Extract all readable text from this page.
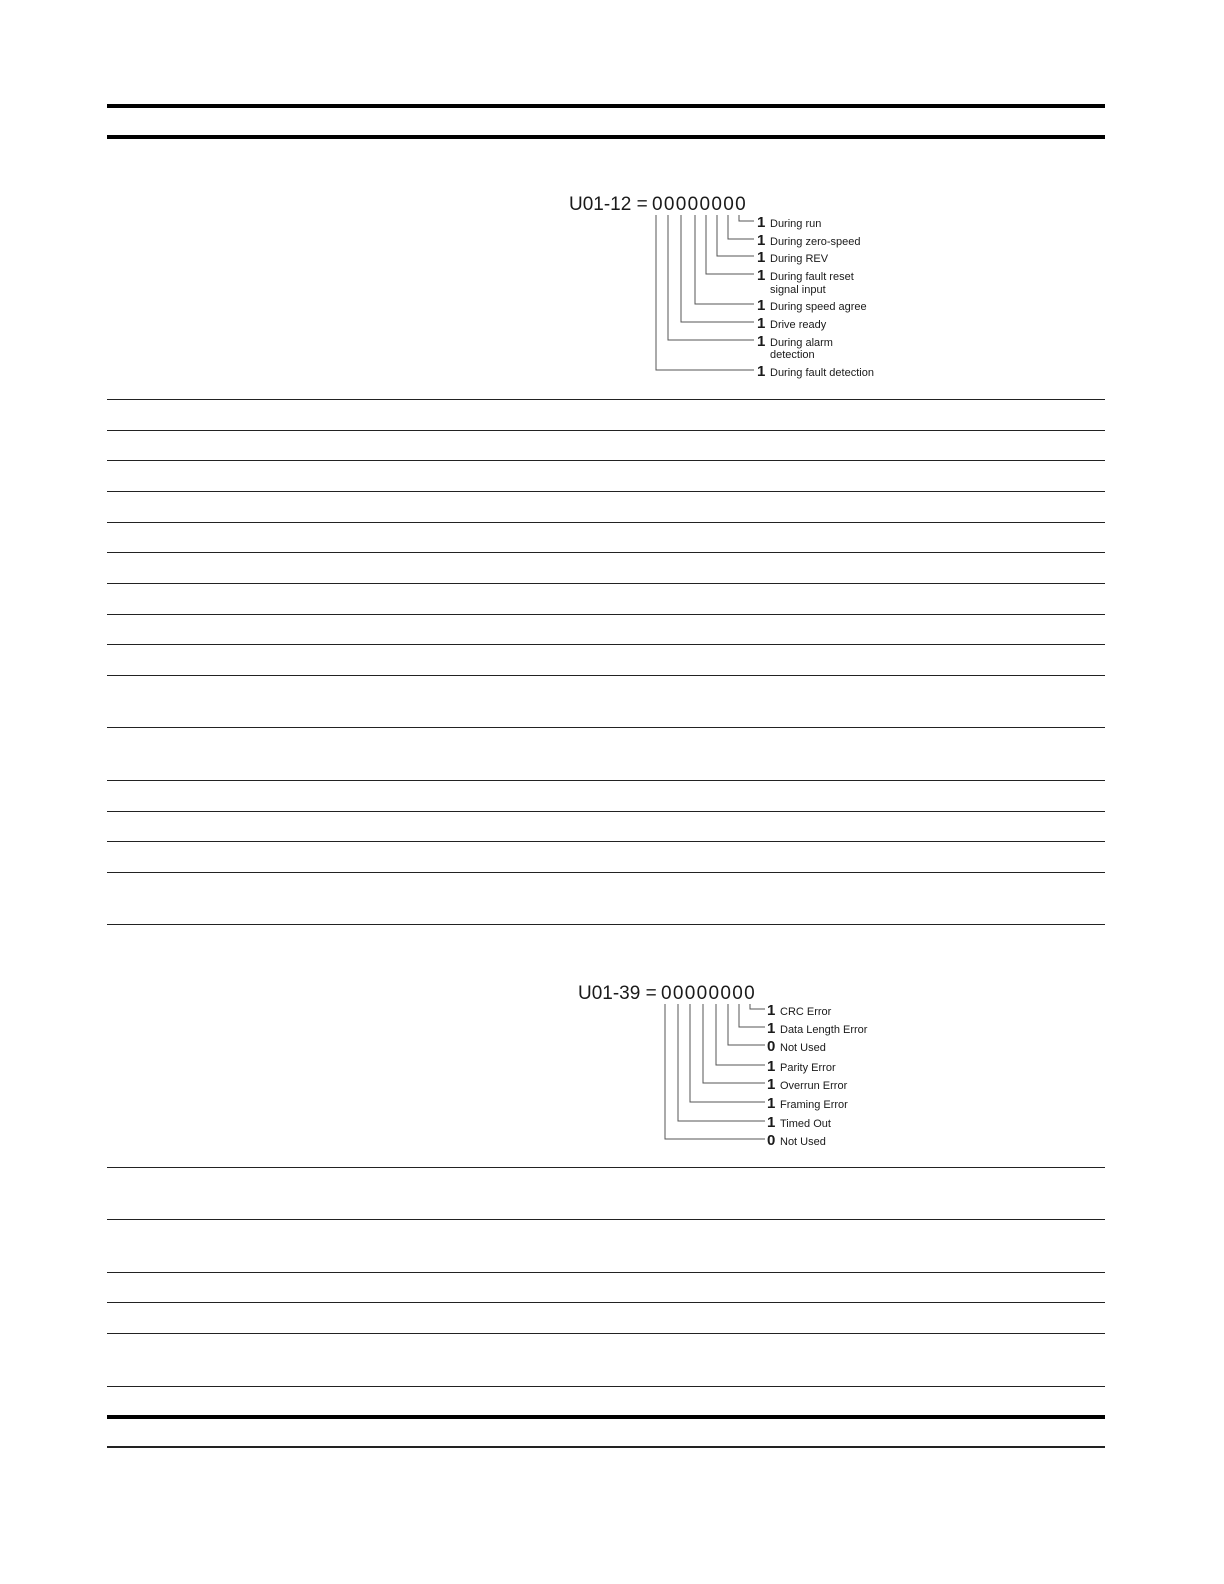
U01-12 = 00000000
1 During run
1 During zero-speed
1 During REV
1 During fault reset
signal input
1 During speed agree
1 Drive ready
1 During alarm
detection
1 During fault detection
U01-39 = 00000000
1 CRC Error
1 Data Length Error
0 Not Used
1 Parity Error
1 Overrun Error
1 Framing Error
1 Timed Out
0 Not Used
